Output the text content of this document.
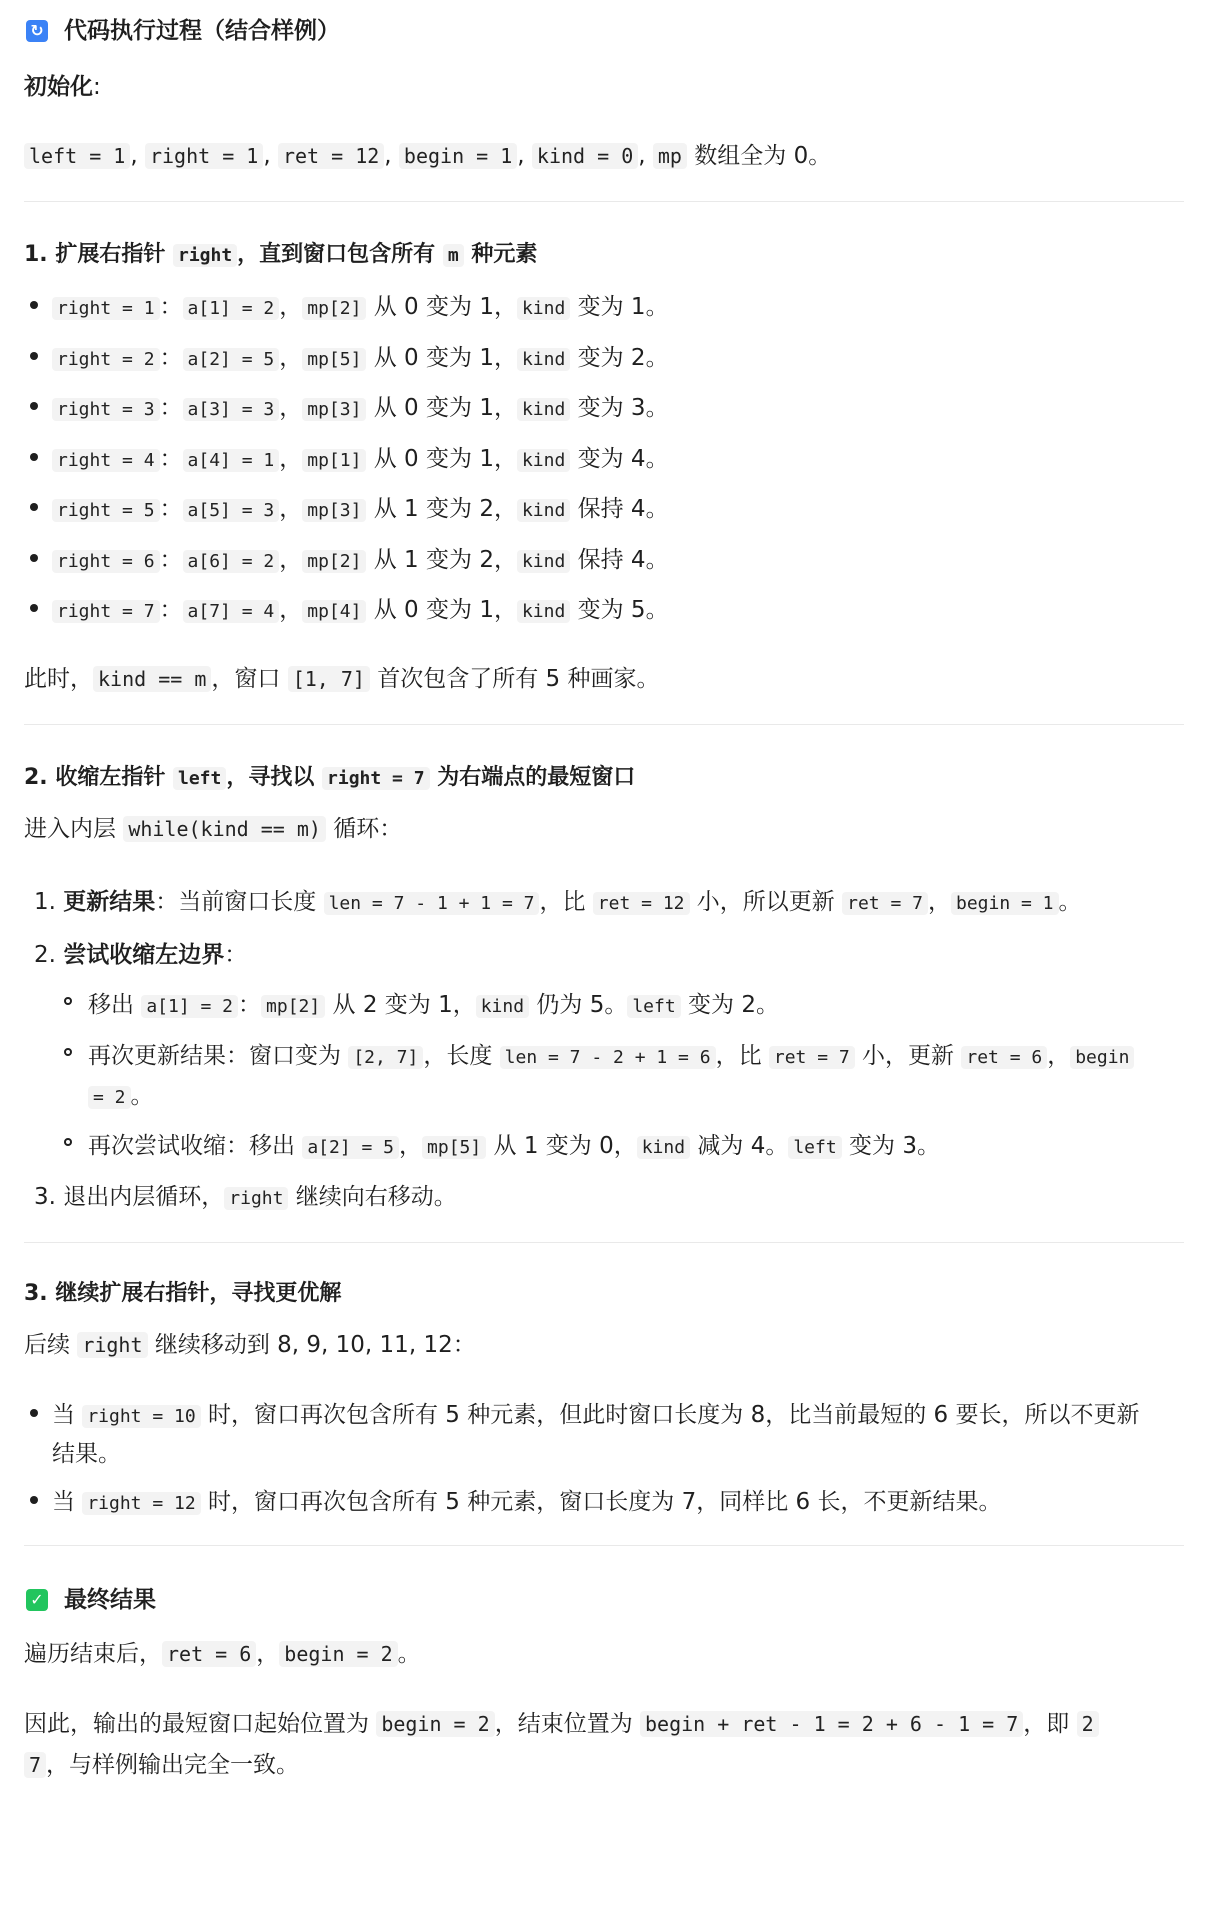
↻ 代码执行过程（结合样例）
初始化:
left = 1 , right = 1 , ret = 12 , begin = 1 , kind = 0 , mp 数组全为 0。
1. 扩展右指针 right ，直到窗口包含所有 m 种元素
right = 1 ： a[1] = 2 ， mp[2] 从 0 变为 1， kind 变为 1。
right = 2 ： a[2] = 5 ， mp[5] 从 0 变为 1， kind 变为 2。
right = 3 ： a[3] = 3 ， mp[3] 从 0 变为 1， kind 变为 3。
right = 4 ： a[4] = 1 ， mp[1] 从 0 变为 1， kind 变为 4。
right = 5 ： a[5] = 3 ， mp[3] 从 1 变为 2， kind 保持 4。
right = 6 ： a[6] = 2 ， mp[2] 从 1 变为 2， kind 保持 4。
right = 7 ： a[7] = 4 ， mp[4] 从 0 变为 1， kind 变为 5。
此时， kind == m ，窗口 [1, 7] 首次包含了所有 5 种画家。
2. 收缩左指针 left ，寻找以 right = 7 为右端点的最短窗口
进入内层 while(kind == m) 循环：
1. 更新结果：当前窗口长度 len = 7 - 1 + 1 = 7 ，比 ret = 12 小，所以更新 ret = 7 ， begin = 1 。
2. 尝试收缩左边界：
移出 a[1] = 2 ： mp[2] 从 2 变为 1， kind 仍为 5。 left 变为 2。
再次更新结果：窗口变为 [2, 7] ，长度 len = 7 - 2 + 1 = 6 ，比 ret = 7 小，更新 ret = 6 ， begin
= 2 。
再次尝试收缩：移出 a[2] = 5 ， mp[5] 从 1 变为 0， kind 减为 4。 left 变为 3。
3. 退出内层循环， right 继续向右移动。
3. 继续扩展右指针，寻找更优解
后续 right 继续移动到 8, 9, 10, 11, 12：
当 right = 10 时，窗口再次包含所有 5 种元素，但此时窗口长度为 8，比当前最短的 6 要长，所以不更新
结果。
当 right = 12 时，窗口再次包含所有 5 种元素，窗口长度为 7，同样比 6 长，不更新结果。
✓ 最终结果
遍历结束后， ret = 6 ， begin = 2 。
因此，输出的最短窗口起始位置为 begin = 2 ，结束位置为 begin + ret - 1 = 2 + 6 - 1 = 7 ，即 2
7 ，与样例输出完全一致。
